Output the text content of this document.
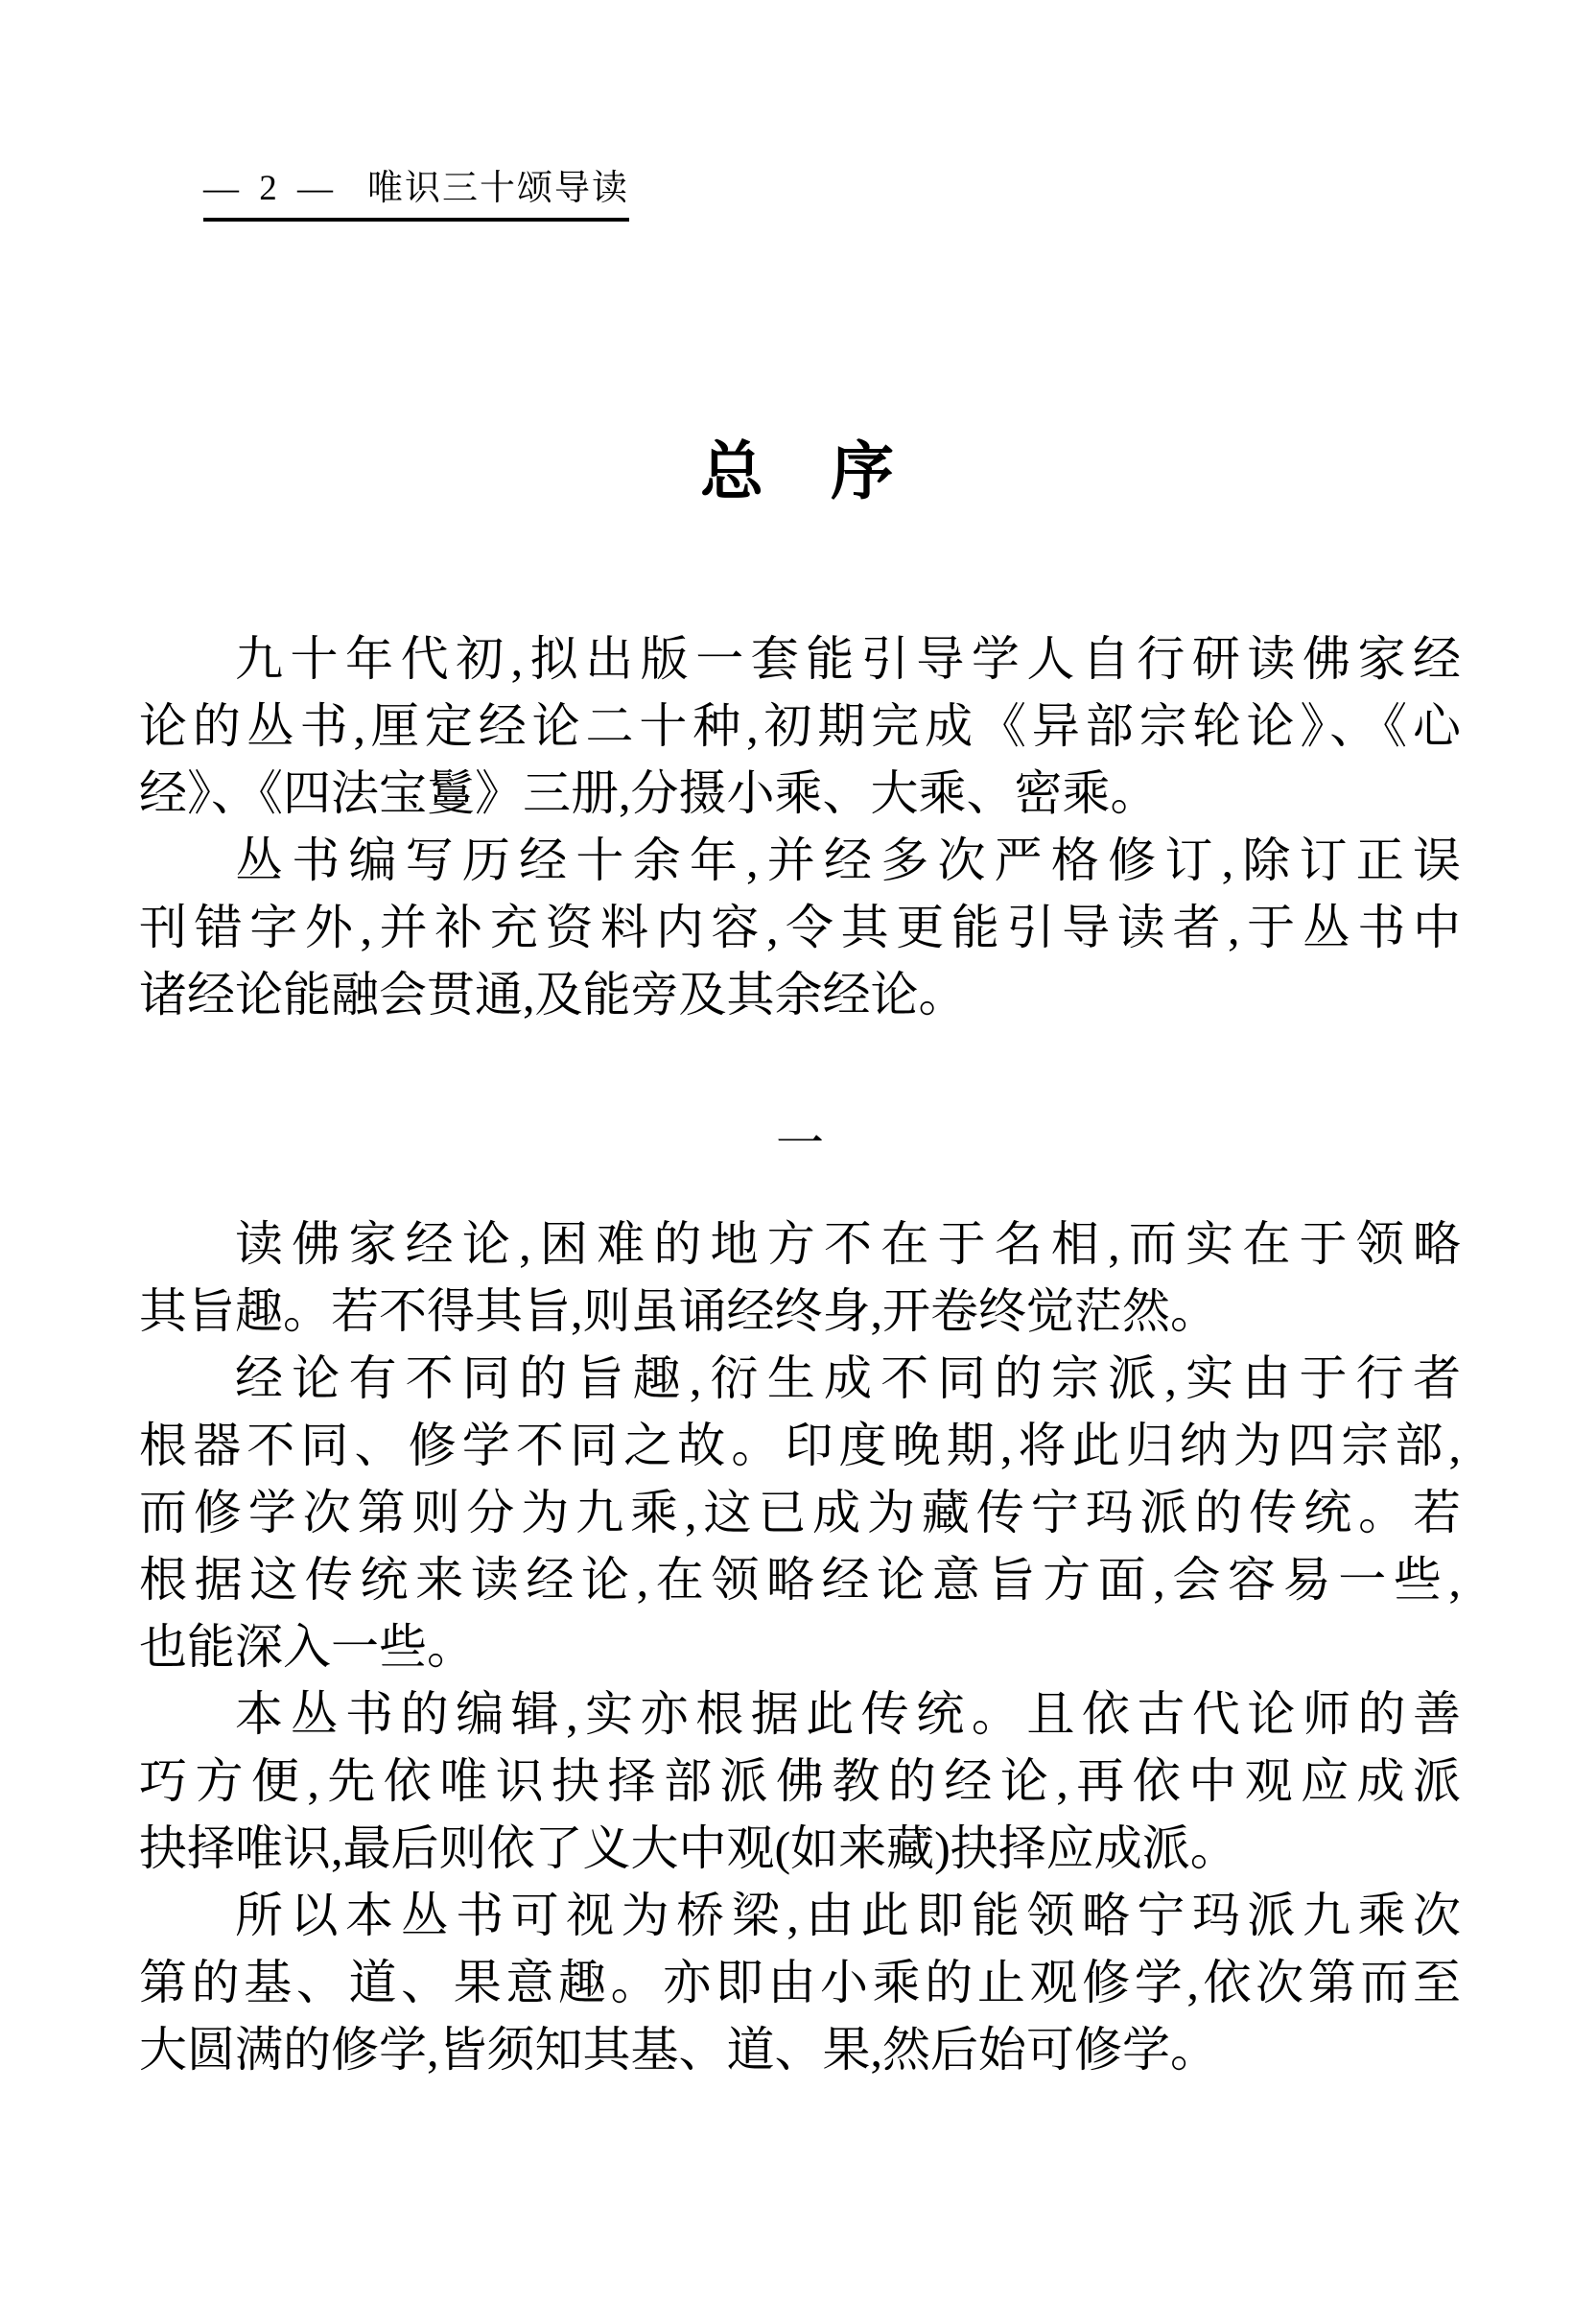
— 2 — 唯识三十颂导读
总　序

九十年代初,拟出版一套能引导学人自行研读佛家经
论的丛书,厘定经论二十种,初期完成《异部宗轮论》、《心
经》、《四法宝鬘》三册,分摄小乘、大乘、密乘。

丛书编写历经十余年,并经多次严格修订,除订正误
刊错字外,并补充资料内容,令其更能引导读者,于丛书中
诸经论能融会贯通,及能旁及其余经论。

一

读佛家经论,困难的地方不在于名相,而实在于领略
其旨趣。若不得其旨,则虽诵经终身,开卷终觉茫然。

经论有不同的旨趣,衍生成不同的宗派,实由于行者
根器不同、修学不同之故。印度晚期,将此归纳为四宗部,
而修学次第则分为九乘,这已成为藏传宁玛派的传统。若
根据这传统来读经论,在领略经论意旨方面,会容易一些,
也能深入一些。

本丛书的编辑,实亦根据此传统。且依古代论师的善
巧方便,先依唯识抉择部派佛教的经论,再依中观应成派
抉择唯识,最后则依了义大中观(如来藏)抉择应成派。

所以本丛书可视为桥梁,由此即能领略宁玛派九乘次
第的基、道、果意趣。亦即由小乘的止观修学,依次第而至
大圆满的修学,皆须知其基、道、果,然后始可修学。
